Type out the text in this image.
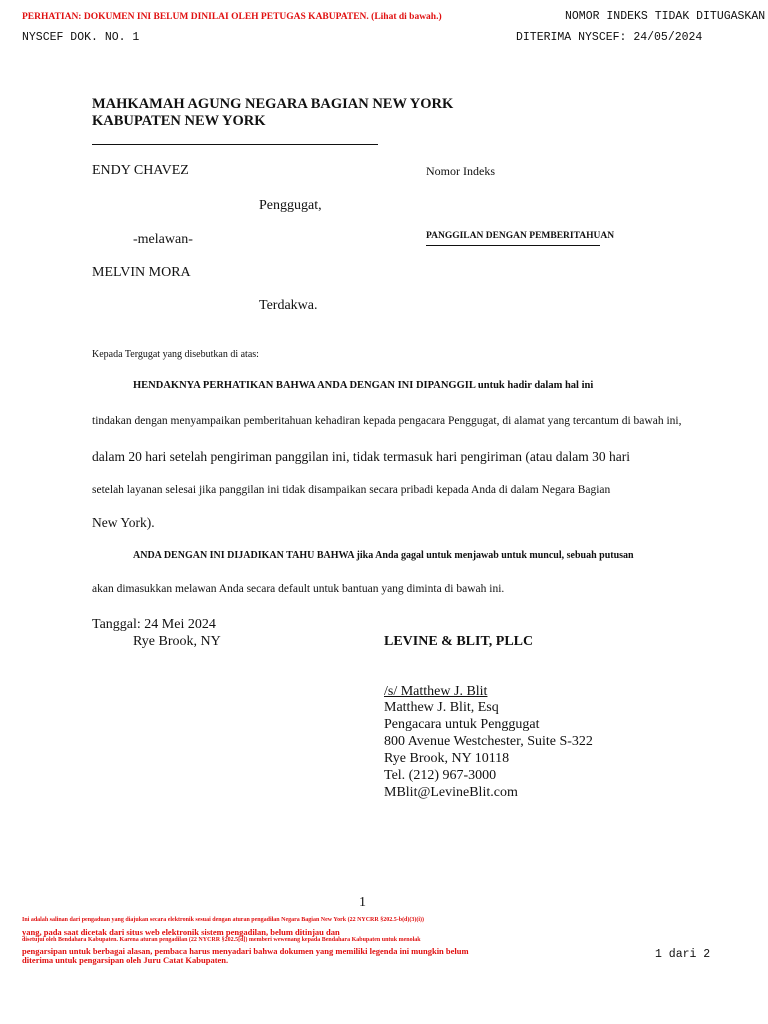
PERHATIAN: DOKUMEN INI BELUM DINILAI OLEH PETUGAS KABUPATEN. (Lihat di bawah.)	NOMOR INDEKS TIDAK DITUGASKAN
NYSCEF DOK. NO. 1	DITERIMA NYSCEF: 24/05/2024
MAHKAMAH AGUNG NEGARA BAGIAN NEW YORK
KABUPATEN NEW YORK
ENDY CHAVEZ	Nomor Indeks
Penggugat,
-melawan-	PANGGILAN DENGAN PEMBERITAHUAN
MELVIN MORA
Terdakwa.
Kepada Tergugat yang disebutkan di atas:
HENDAKNYA PERHATIKAN BAHWA ANDA DENGAN INI DIPANGGIL untuk hadir dalam hal ini
tindakan dengan menyampaikan pemberitahuan kehadiran kepada pengacara Penggugat, di alamat yang tercantum di bawah ini,
dalam 20 hari setelah pengiriman panggilan ini, tidak termasuk hari pengiriman (atau dalam 30 hari
setelah layanan selesai jika panggilan ini tidak disampaikan secara pribadi kepada Anda di dalam Negara Bagian
New York).
ANDA DENGAN INI DIJADIKAN TAHU BAHWA jika Anda gagal untuk menjawab untuk muncul, sebuah putusan
akan dimasukkan melawan Anda secara default untuk bantuan yang diminta di bawah ini.
Tanggal: 24 Mei 2024
Rye Brook, NY	LEVINE & BLIT, PLLC
/s/ Matthew J. Blit
Matthew J. Blit, Esq
Pengacara untuk Penggugat
800 Avenue Westchester, Suite S-322
Rye Brook, NY 10118
Tel. (212) 967-3000
MBlit@LevineBlit.com
1
Ini adalah salinan dari pengaduan yang diajukan secara elektronik sesuai dengan aturan pengadilan Negara Bagian New York (22 NYCRR §202.5-b(d)(3)(i))
yang, pada saat dicetak dari situs web elektronik sistem pengadilan, belum ditinjau dan
disetujui oleh Bendahara Kabupaten. Karena aturan pengadilan (22 NYCRR §202.5[d]) memberi wewenang kepada Bendahara Kabupaten untuk menolak
pengarsipan untuk berbagai alasan, pembaca harus menyadari bahwa dokumen yang memiliki legenda ini mungkin belum
diterima untuk pengarsipan oleh Juru Catat Kabupaten.	1 dari 2
